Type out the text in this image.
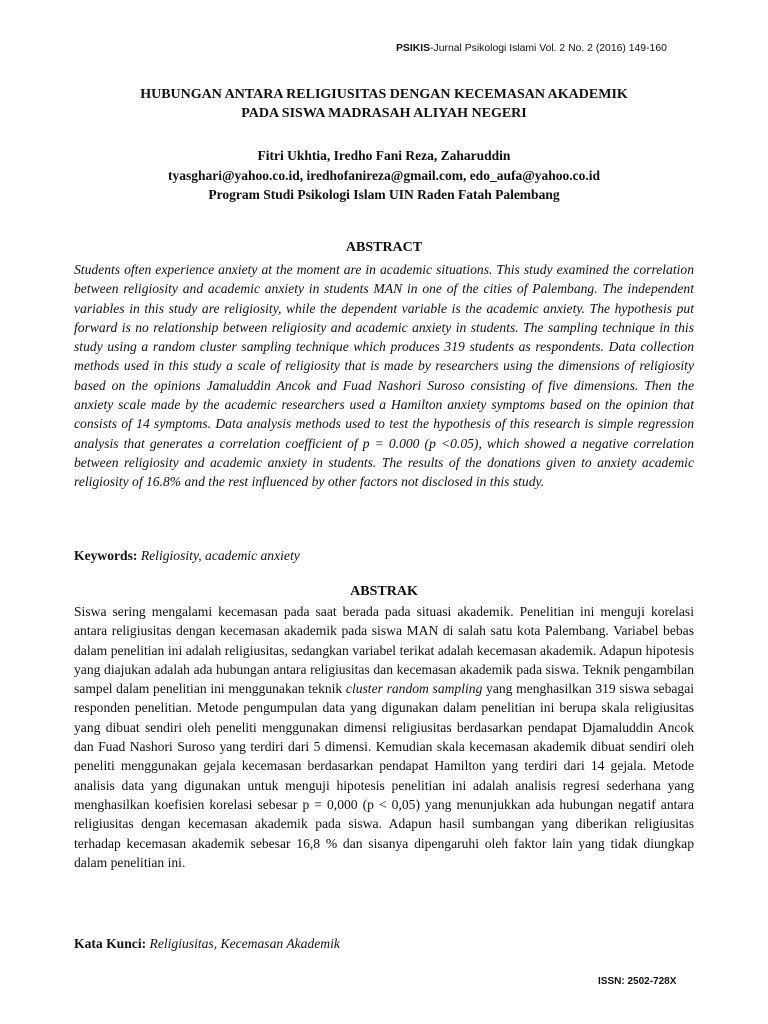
PSIKIS-Jurnal Psikologi Islami Vol. 2 No. 2 (2016) 149-160
HUBUNGAN ANTARA RELIGIUSITAS DENGAN KECEMASAN AKADEMIK
PADA SISWA MADRASAH ALIYAH NEGERI
Fitri Ukhtia, Iredho Fani Reza, Zaharuddin
tyasghari@yahoo.co.id, iredhofanireza@gmail.com, edo_aufa@yahoo.co.id
Program Studi Psikologi Islam UIN Raden Fatah Palembang
ABSTRACT
Students often experience anxiety at the moment are in academic situations. This study examined the correlation between religiosity and academic anxiety in students MAN in one of the cities of Palembang. The independent variables in this study are religiosity, while the dependent variable is the academic anxiety. The hypothesis put forward is no relationship between religiosity and academic anxiety in students. The sampling technique in this study using a random cluster sampling technique which produces 319 students as respondents. Data collection methods used in this study a scale of religiosity that is made by researchers using the dimensions of religiosity based on the opinions Jamaluddin Ancok and Fuad Nashori Suroso consisting of five dimensions. Then the anxiety scale made by the academic researchers used a Hamilton anxiety symptoms based on the opinion that consists of 14 symptoms. Data analysis methods used to test the hypothesis of this research is simple regression analysis that generates a correlation coefficient of p = 0.000 (p <0.05), which showed a negative correlation between religiosity and academic anxiety in students. The results of the donations given to anxiety academic religiosity of 16.8% and the rest influenced by other factors not disclosed in this study.
Keywords: Religiosity, academic anxiety
ABSTRAK
Siswa sering mengalami kecemasan pada saat berada pada situasi akademik. Penelitian ini menguji korelasi antara religiusitas dengan kecemasan akademik pada siswa MAN di salah satu kota Palembang. Variabel bebas dalam penelitian ini adalah religiusitas, sedangkan variabel terikat adalah kecemasan akademik. Adapun hipotesis yang diajukan adalah ada hubungan antara religiusitas dan kecemasan akademik pada siswa. Teknik pengambilan sampel dalam penelitian ini menggunakan teknik cluster random sampling yang menghasilkan 319 siswa sebagai responden penelitian. Metode pengumpulan data yang digunakan dalam penelitian ini berupa skala religiusitas yang dibuat sendiri oleh peneliti menggunakan dimensi religiusitas berdasarkan pendapat Djamaluddin Ancok dan Fuad Nashori Suroso yang terdiri dari 5 dimensi. Kemudian skala kecemasan akademik dibuat sendiri oleh peneliti menggunakan gejala kecemasan berdasarkan pendapat Hamilton yang terdiri dari 14 gejala. Metode analisis data yang digunakan untuk menguji hipotesis penelitian ini adalah analisis regresi sederhana yang menghasilkan koefisien korelasi sebesar p = 0,000 (p < 0,05) yang menunjukkan ada hubungan negatif antara religiusitas dengan kecemasan akademik pada siswa. Adapun hasil sumbangan yang diberikan religiusitas terhadap kecemasan akademik sebesar 16,8 % dan sisanya dipengaruhi oleh faktor lain yang tidak diungkap dalam penelitian ini.
Kata Kunci: Religiusitas, Kecemasan Akademik
ISSN: 2502-728X
